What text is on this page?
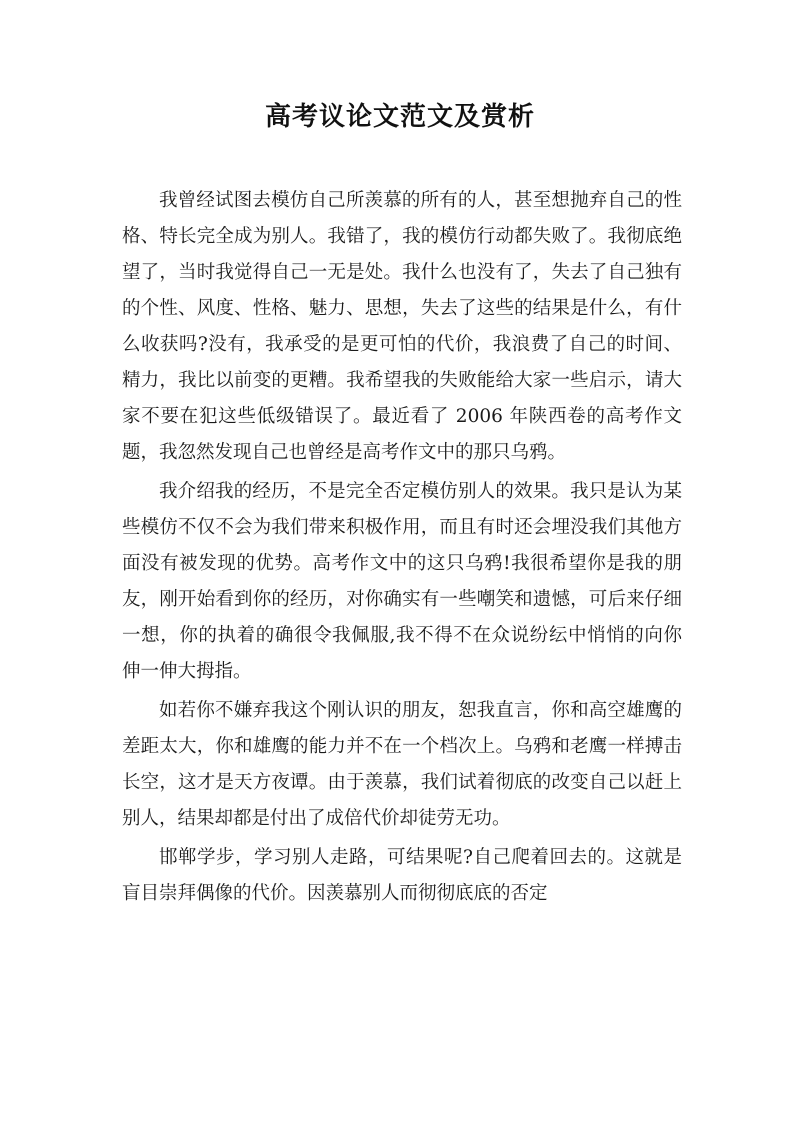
高考议论文范文及赏析

我曾经试图去模仿自己所羡慕的所有的人，甚至想抛弃自己的性格、特长完全成为别人。我错了，我的模仿行动都失败了。我彻底绝望了，当时我觉得自己一无是处。我什么也没有了，失去了自己独有的个性、风度、性格、魅力、思想，失去了这些的结果是什么，有什么收获吗?没有，我承受的是更可怕的代价，我浪费了自己的时间、精力，我比以前变的更糟。我希望我的失败能给大家一些启示，请大家不要在犯这些低级错误了。最近看了 2006 年陕西卷的高考作文题，我忽然发现自己也曾经是高考作文中的那只乌鸦。

我介绍我的经历，不是完全否定模仿别人的效果。我只是认为某些模仿不仅不会为我们带来积极作用，而且有时还会埋没我们其他方面没有被发现的优势。高考作文中的这只乌鸦!我很希望你是我的朋友，刚开始看到你的经历，对你确实有一些嘲笑和遗憾，可后来仔细一想，你的执着的确很令我佩服,我不得不在众说纷纭中悄悄的向你伸一伸大拇指。

如若你不嫌弃我这个刚认识的朋友，恕我直言，你和高空雄鹰的差距太大，你和雄鹰的能力并不在一个档次上。乌鸦和老鹰一样搏击长空，这才是天方夜谭。由于羡慕，我们试着彻底的改变自己以赶上别人，结果却都是付出了成倍代价却徒劳无功。

邯郸学步，学习别人走路，可结果呢?自己爬着回去的。这就是盲目崇拜偶像的代价。因羡慕别人而彻彻底底的否定
